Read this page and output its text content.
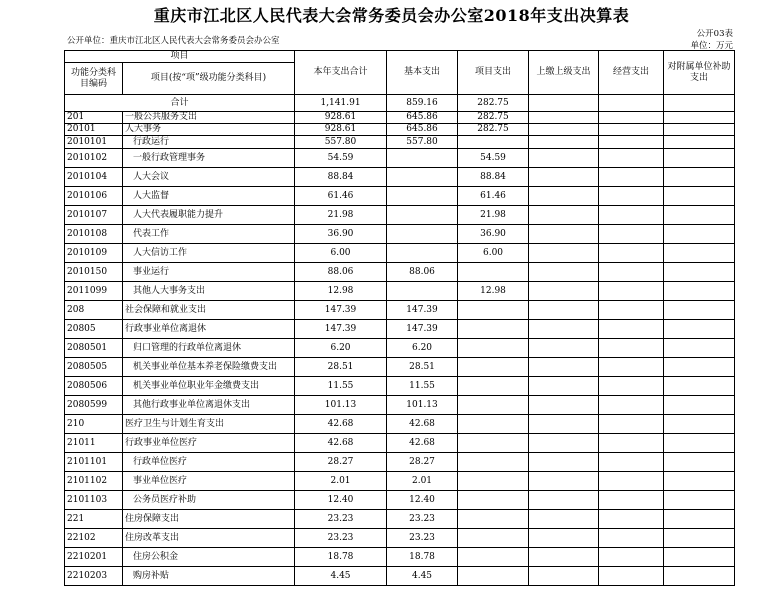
重庆市江北区人民代表大会常务委员会办公室2018年支出决算表
公开单位：重庆市江北区人民代表大会常务委员会办公室
公开03表
单位：万元
项目		本年支出合计	基本支出	项目支出	上缴上级支出	经营支出	对附属单位补助支出
功能分类科目编码	项目(按“项”级功能分类科目)						
合计		1,141.91	859.16	282.75			
201	一般公共服务支出	928.61	645.86	282.75			
20101	人大事务	928.61	645.86	282.75			
2010101	行政运行	557.80	557.80				
2010102	一般行政管理事务	54.59		54.59			
2010104	人大会议	88.84		88.84			
2010106	人大监督	61.46		61.46			
2010107	人大代表履职能力提升	21.98		21.98			
2010108	代表工作	36.90		36.90			
2010109	人大信访工作	6.00		6.00			
2010150	事业运行	88.06	88.06				
2011099	其他人大事务支出	12.98		12.98			
208	社会保障和就业支出	147.39	147.39				
20805	行政事业单位离退休	147.39	147.39				
2080501	归口管理的行政单位离退休	6.20	6.20				
2080505	机关事业单位基本养老保险缴费支出	28.51	28.51				
2080506	机关事业单位职业年金缴费支出	11.55	11.55				
2080599	其他行政事业单位离退休支出	101.13	101.13				
210	医疗卫生与计划生育支出	42.68	42.68				
21011	行政事业单位医疗	42.68	42.68				
2101101	行政单位医疗	28.27	28.27				
2101102	事业单位医疗	2.01	2.01				
2101103	公务员医疗补助	12.40	12.40				
221	住房保障支出	23.23	23.23				
22102	住房改革支出	23.23	23.23				
2210201	住房公积金	18.78	18.78				
2210203	购房补贴	4.45	4.45				
